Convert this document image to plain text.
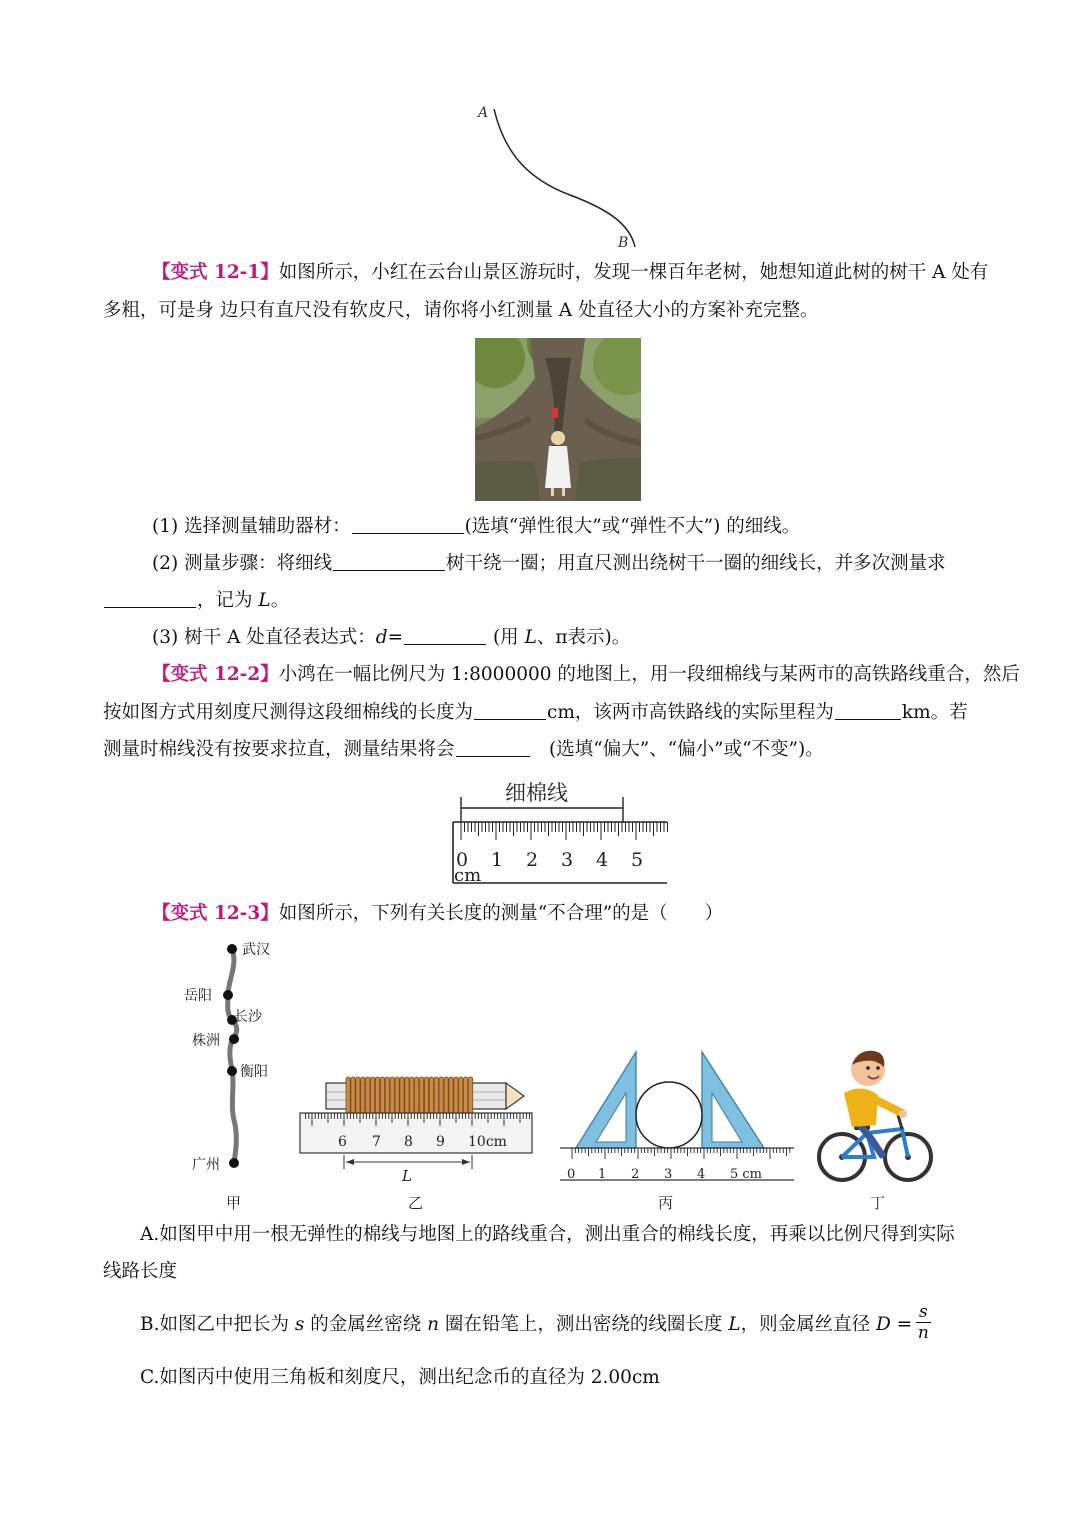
A
B
【变式 12-1】如图所示，小红在云台山景区游玩时，发现一棵百年老树，她想知道此树的树干 A 处有
多粗，可是身 边只有直尺没有软皮尺，请你将小红测量 A 处直径大小的方案补充完整。
(1) 选择测量辅助器材：	(选填“弹性很大”或“弹性不大”) 的细线。
(2) 测量步骤：将细线	树干绕一圈；用直尺测出绕树干一圈的细线长，并多次测量求
，记为 L。
(3) 树干 A 处直径表达式：d=	(用 L、π表示)。
【变式 12-2】小鸿在一幅比例尺为 1:8000000 的地图上，用一段细棉线与某两市的高铁路线重合，然后
按如图方式用刻度尺测得这段细棉线的长度为	cm，该两市高铁路线的实际里程为	km。若
测量时棉线没有按要求拉直，测量结果将会　	(选填“偏大”、“偏小”或“不变”)。
细棉线
0 1 2 3 4 5
cm
【变式 12-3】如图所示，下列有关长度的测量“不合理”的是（　　）
武汉
岳阳
长沙
株洲
衡阳
广州
6 7 8 9 10cm
L	0 1 2 3 4 5 cm
甲	乙	丙	丁
A.如图甲中用一根无弹性的棉线与地图上的路线重合，测出重合的棉线长度，再乘以比例尺得到实际
线路长度
B.如图乙中把长为 s 的金属丝密绕 n 圈在铅笔上，测出密绕的线圈长度 L，则金属丝直径 $D = \frac{s}{n}$
C.如图丙中使用三角板和刻度尺，测出纪念币的直径为 2.00cm
